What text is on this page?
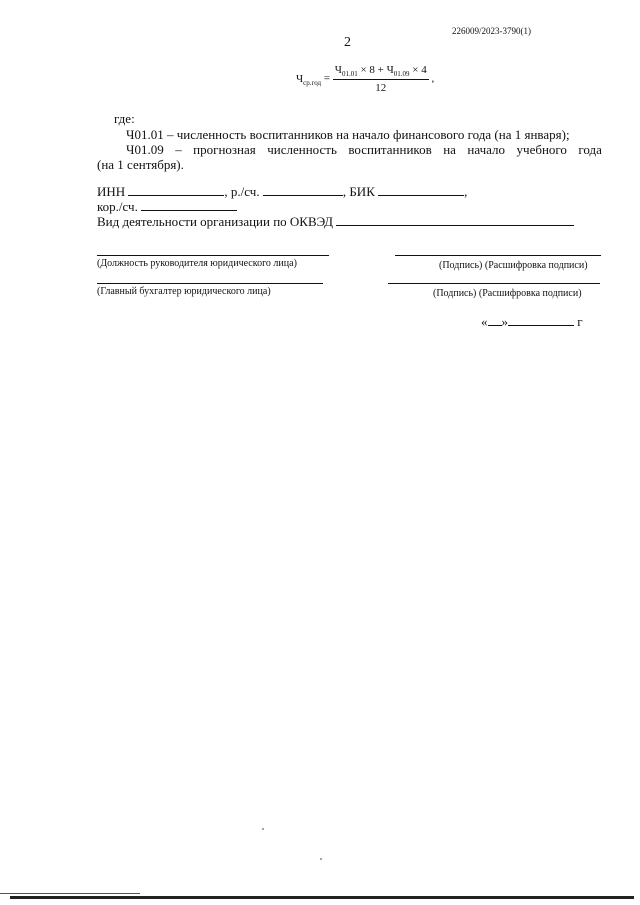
226009/2023-3790(1)
2
$Ч_{ср.год} = \frac{Ч_{01.01} \times 8 + Ч_{01.09} \times 4}{12}$ ,
где:
Ч01.01 – численность воспитанников на начало финансового года (на 1 января);
Ч01.09 – прогнозная численность воспитанников на начало учебного года
(на 1 сентября).
ИНН	, р./сч.	, БИК	,
кор./сч.
Вид деятельности организации по ОКВЭД
(Должность руководителя юридического лица)	(Подпись) (Расшифровка подписи)
(Главный бухгалтер юридического лица)	(Подпись) (Расшифровка подписи)
« »	г
